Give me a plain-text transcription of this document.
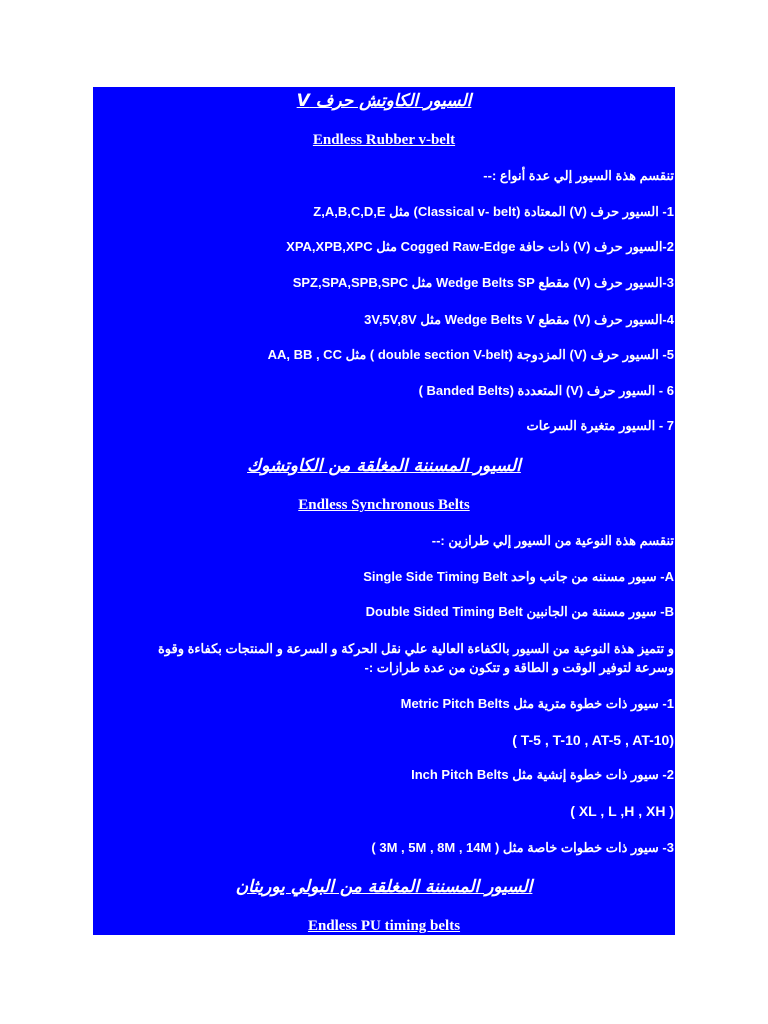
السيور الكاوتش حرف V
Endless Rubber v-belt
تنقسم هذة السيور إلي عدة أنواع :--
1- السيور حرف (V) المعتادة (Classical v- belt) مثل Z,A,B,C,D,E
2-السيور حرف (V) ذات حافة Cogged Raw-Edge مثل XPA,XPB,XPC
3-السيور حرف (V) مقطع Wedge Belts SP مثل SPZ,SPA,SPB,SPC
4-السيور حرف (V) مقطع Wedge Belts V مثل 3V,5V,8V
5- السيور حرف (V) المزدوجة (double section V-belt ) مثل AA, BB , CC
6 - السيور حرف (V) المتعددة (Banded Belts )
7 - السيور متغيرة السرعات
السيور المسننة المغلقة من الكاوتشوك
Endless Synchronous Belts
تنقسم هذة النوعية من السيور إلي طرازين :--
A- سيور مسننه من جانب واحد Single Side Timing Belt
B- سيور مسننة من الجانبين Double Sided Timing Belt
و تتميز هذة النوعية من السيور بالكفاءة العالية علي نقل الحركة و السرعة و المنتجات بكفاءة وقوة
وسرعة لتوفير الوقت و الطاقة و تتكون من عدة طرازات :-
1- سيور ذات خطوة مترية مثل Metric Pitch Belts
( T-5 , T-10 , AT-5 , AT-10)
2- سيور ذات خطوة إنشية مثل Inch Pitch Belts
( XL , L ,H , XH )
3- سيور ذات خطوات خاصة مثل ( 3M , 5M , 8M , 14M )
السيور المسننة المغلقة من البولي يوريثان
Endless PU timing belts
